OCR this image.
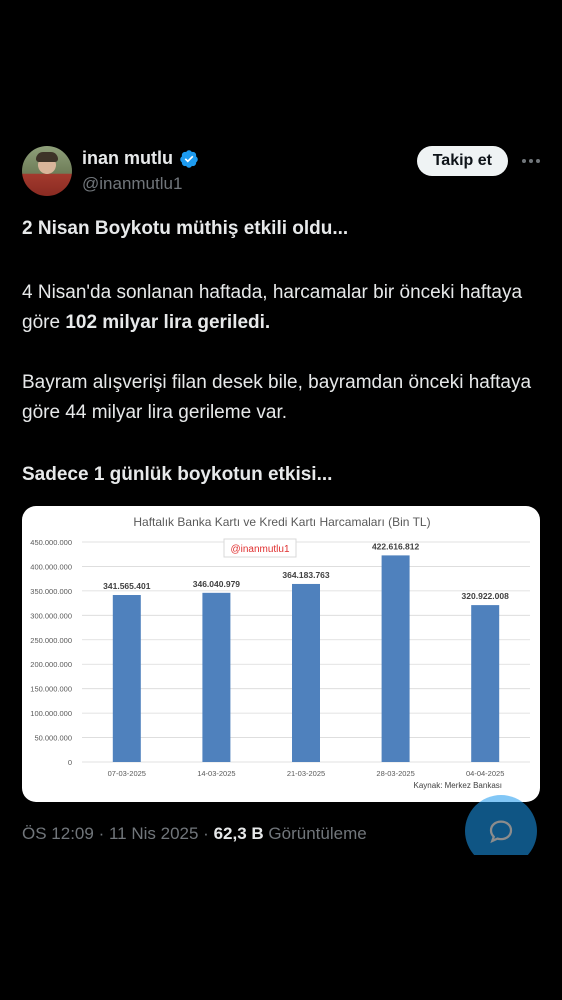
inan mutlu
@inanmutlu1
Takip et
2 Nisan Boykotu müthiş etkili oldu...
4 Nisan'da sonlanan haftada, harcamalar bir önceki haftaya göre 102 milyar lira geriledi.
Bayram alışverişi filan desek bile, bayramdan önceki haftaya göre 44 milyar lira gerileme var.
Sadece 1 günlük boykotun etkisi...
Haftalık Banka Kartı ve Kredi Kartı Harcamaları (Bin TL)
0
50.000.000
100.000.000
150.000.000
200.000.000
250.000.000
300.000.000
350.000.000
400.000.000
450.000.000
341.565.401
07-03-2025
346.040.979
14-03-2025
364.183.763
21-03-2025
422.616.812
28-03-2025
320.922.008
04-04-2025
@inanmutlu1
Kaynak: Merkez Bankası
ÖS 12:09 · 11 Nis 2025 · 62,3 B Görüntüleme
